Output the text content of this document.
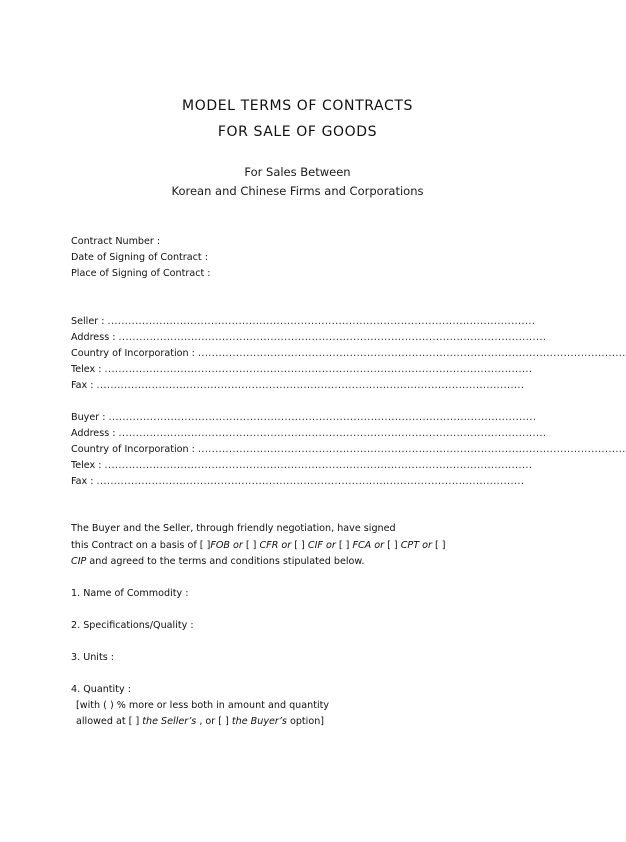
MODEL TERMS OF CONTRACTS
FOR SALE OF GOODS
For Sales Between
Korean and Chinese Firms and Corporations
Contract Number :
Date of Signing of Contract :
Place of Signing of Contract :
Seller : ............................................................................................................................
Address : ............................................................................................................................
Country of Incorporation : ............................................................................................................................
Telex : ............................................................................................................................
Fax : ............................................................................................................................
Buyer : ............................................................................................................................
Address : ............................................................................................................................
Country of Incorporation : ............................................................................................................................
Telex : ............................................................................................................................
Fax : ............................................................................................................................
The Buyer and the Seller, through friendly negotiation, have signed
this Contract on a basis of [ ]FOB or [ ] CFR or [ ] CIF or [ ] FCA or [ ] CPT or [ ]
CIP and agreed to the terms and conditions stipulated below.
1. Name of Commodity :
2. Specifications/Quality :
3. Units :
4. Quantity :
[with ( ) % more or less both in amount and quantity
allowed at [ ] the Seller’s , or [ ] the Buyer’s option]
